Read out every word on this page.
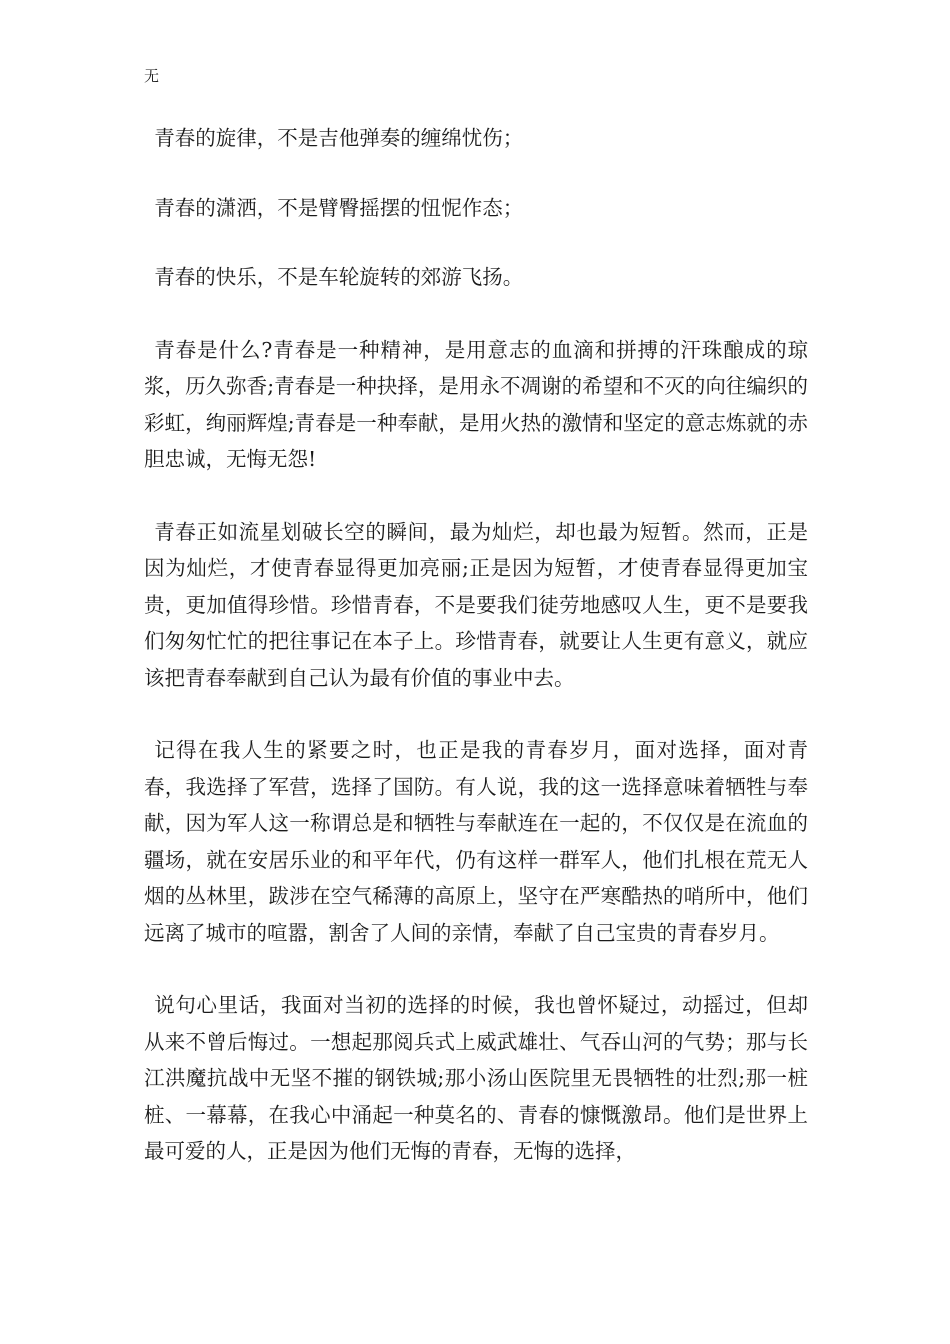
无

青春的旋律，不是吉他弹奏的缠绵忧伤；

青春的潇洒，不是臂臀摇摆的忸怩作态；

青春的快乐，不是车轮旋转的郊游飞扬。

青春是什么?青春是一种精神，是用意志的血滴和拼搏的汗珠酿成的琼浆，历久弥香;青春是一种抉择，是用永不凋谢的希望和不灭的向往编织的彩虹，绚丽辉煌;青春是一种奉献，是用火热的激情和坚定的意志炼就的赤胆忠诚，无悔无怨!

青春正如流星划破长空的瞬间，最为灿烂，却也最为短暂。然而，正是因为灿烂，才使青春显得更加亮丽;正是因为短暂，才使青春显得更加宝贵，更加值得珍惜。珍惜青春，不是要我们徒劳地感叹人生，更不是要我们匆匆忙忙的把往事记在本子上。珍惜青春，就要让人生更有意义，就应该把青春奉献到自己认为最有价值的事业中去。

记得在我人生的紧要之时，也正是我的青春岁月，面对选择，面对青春，我选择了军营，选择了国防。有人说，我的这一选择意味着牺牲与奉献，因为军人这一称谓总是和牺牲与奉献连在一起的，不仅仅是在流血的疆场，就在安居乐业的和平年代，仍有这样一群军人，他们扎根在荒无人烟的丛林里，跋涉在空气稀薄的高原上，坚守在严寒酷热的哨所中，他们远离了城市的喧嚣，割舍了人间的亲情，奉献了自己宝贵的青春岁月。

说句心里话，我面对当初的选择的时候，我也曾怀疑过，动摇过，但却从来不曾后悔过。一想起那阅兵式上威武雄壮、气吞山河的气势；那与长江洪魔抗战中无坚不摧的钢铁城;那小汤山医院里无畏牺牲的壮烈;那一桩桩、一幕幕，在我心中涌起一种莫名的、青春的慷慨激昂。他们是世界上最可爱的人，正是因为他们无悔的青春，无悔的选择，
